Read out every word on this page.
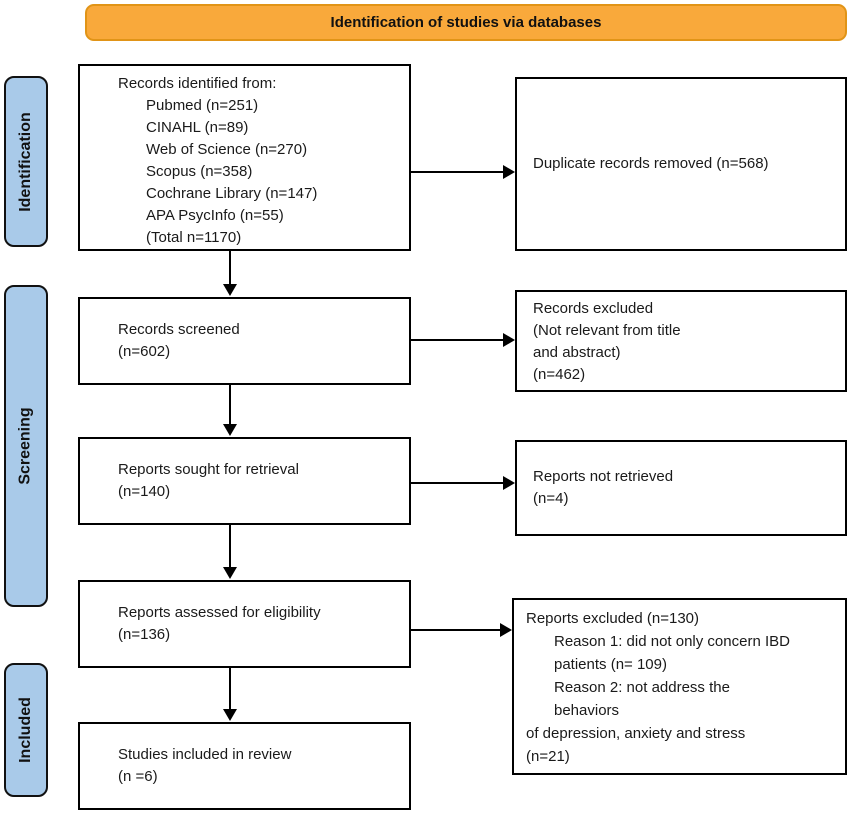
Identification of studies via databases
Identification
Screening
Included
Records identified from:
Pubmed (n=251)
CINAHL (n=89)
Web of Science (n=270)
Scopus (n=358)
Cochrane Library (n=147)
APA PsycInfo (n=55)
(Total n=1170)
Records screened
(n=602)
Reports sought for retrieval
(n=140)
Reports assessed for eligibility
(n=136)
Studies included in review
(n =6)
Duplicate records removed (n=568)
Records excluded
(Not relevant from title
and abstract)
(n=462)
Reports not retrieved
(n=4)
Reports excluded (n=130)
Reason 1: did not only concern IBD
patients (n= 109)
Reason 2: not address the
behaviors
of depression, anxiety and stress
(n=21)
